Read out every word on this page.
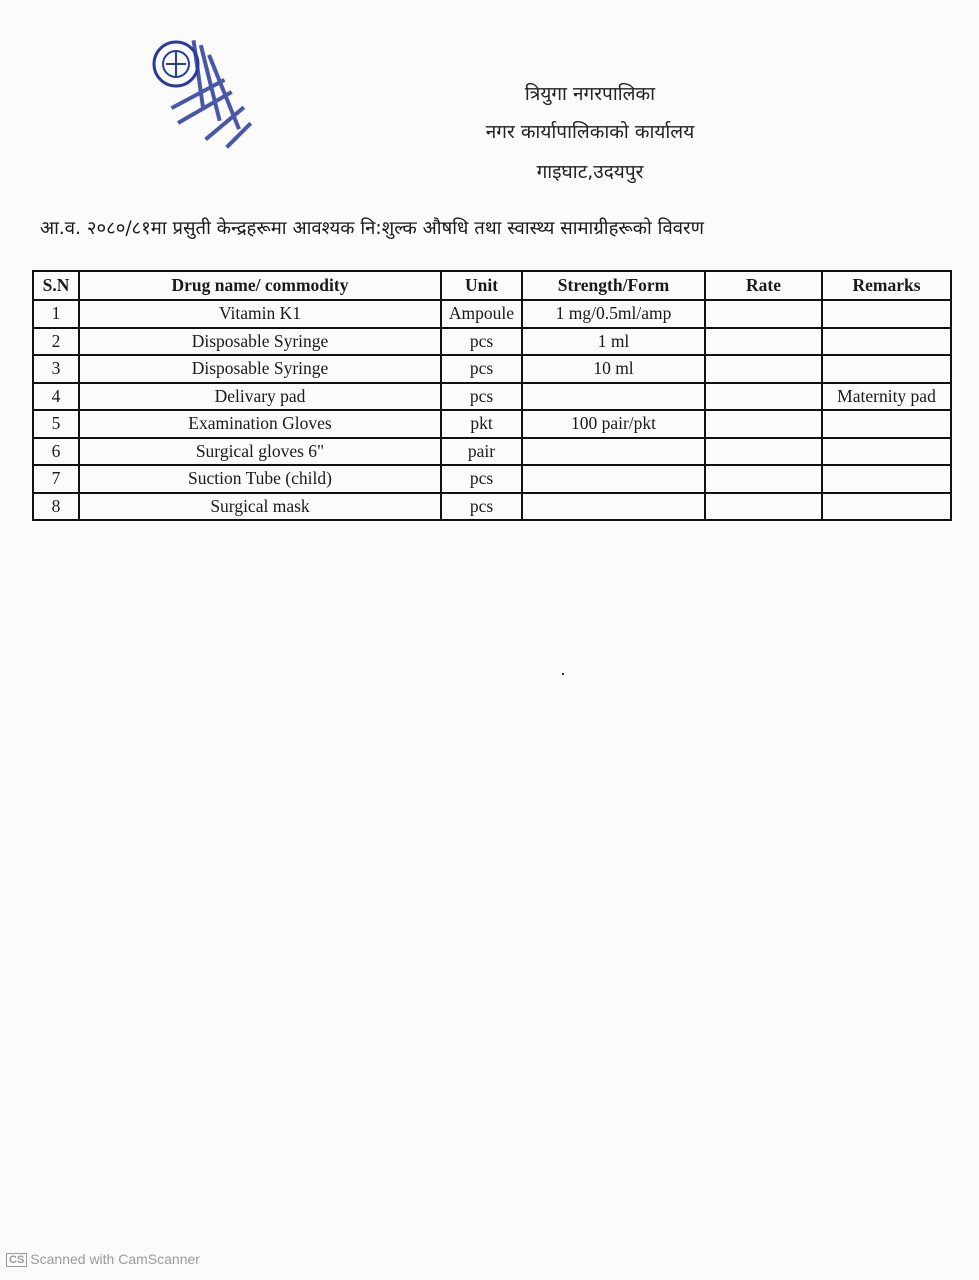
त्रियुगा नगरपालिका
नगर कार्यापालिकाको कार्यालय
गाइघाट,उदयपुर
आ.व. २०८०/८१मा प्रसुती केन्द्रहरूमा आवश्यक नि:शुल्क औषधि तथा स्वास्थ्य सामाग्रीहरूको विवरण
S.N	Drug name/ commodity	Unit	Strength/Form	Rate	Remarks
1	Vitamin K1	Ampoule	1 mg/0.5ml/amp		
2	Disposable Syringe	pcs	1 ml		
3	Disposable Syringe	pcs	10 ml		
4	Delivary pad	pcs			Maternity pad
5	Examination Gloves	pkt	100 pair/pkt		
6	Surgical gloves 6"	pair			
7	Suction Tube (child)	pcs			
8	Surgical mask	pcs			
CS Scanned with CamScanner
